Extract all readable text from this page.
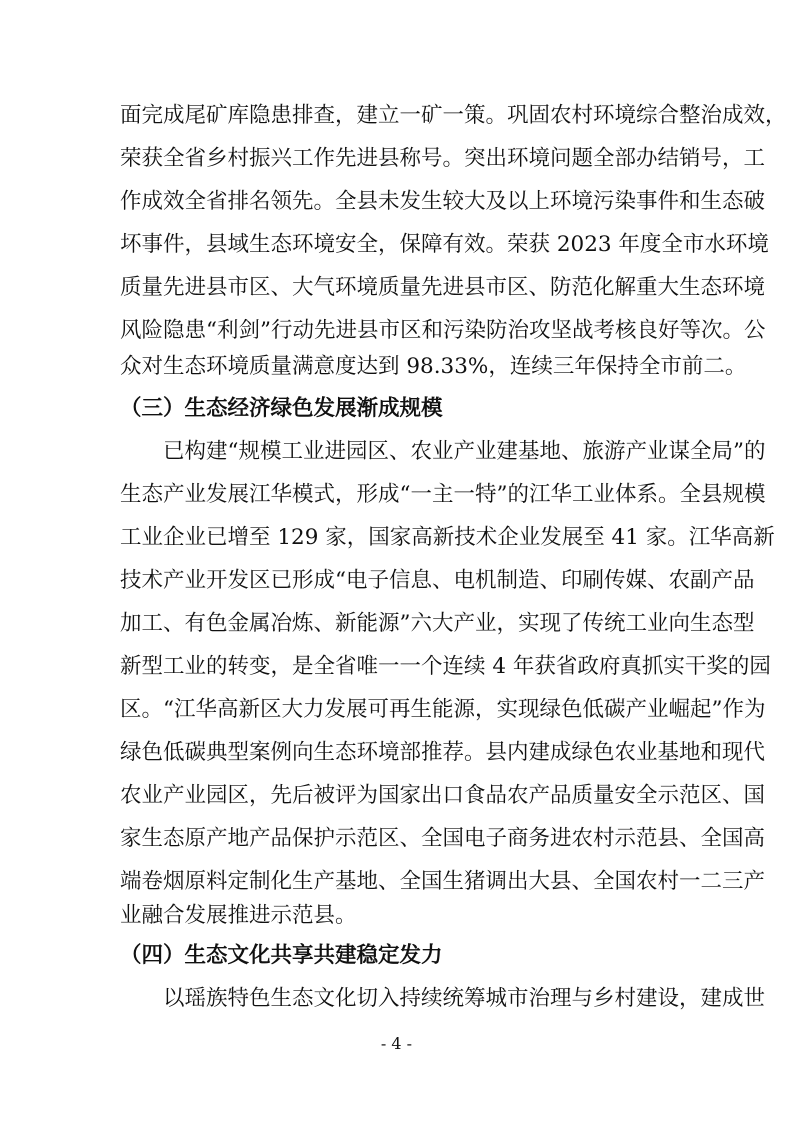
面完成尾矿库隐患排查，建立一矿一策。巩固农村环境综合整治成效，
荣获全省乡村振兴工作先进县称号。突出环境问题全部办结销号，工
作成效全省排名领先。全县未发生较大及以上环境污染事件和生态破
坏事件，县域生态环境安全，保障有效。荣获 2023 年度全市水环境
质量先进县市区、大气环境质量先进县市区、防范化解重大生态环境
风险隐患“利剑”行动先进县市区和污染防治攻坚战考核良好等次。公
众对生态环境质量满意度达到 98.33%，连续三年保持全市前二。
（三）生态经济绿色发展渐成规模
已构建“规模工业进园区、农业产业建基地、旅游产业谋全局”的
生态产业发展江华模式，形成“一主一特”的江华工业体系。全县规模
工业企业已增至 129 家，国家高新技术企业发展至 41 家。江华高新
技术产业开发区已形成“电子信息、电机制造、印刷传媒、农副产品
加工、有色金属冶炼、新能源”六大产业，实现了传统工业向生态型
新型工业的转变，是全省唯一一个连续 4 年获省政府真抓实干奖的园
区。“江华高新区大力发展可再生能源，实现绿色低碳产业崛起”作为
绿色低碳典型案例向生态环境部推荐。县内建成绿色农业基地和现代
农业产业园区，先后被评为国家出口食品农产品质量安全示范区、国
家生态原产地产品保护示范区、全国电子商务进农村示范县、全国高
端卷烟原料定制化生产基地、全国生猪调出大县、全国农村一二三产
业融合发展推进示范县。
（四）生态文化共享共建稳定发力
以瑶族特色生态文化切入持续统筹城市治理与乡村建设，建成世
- 4 -
